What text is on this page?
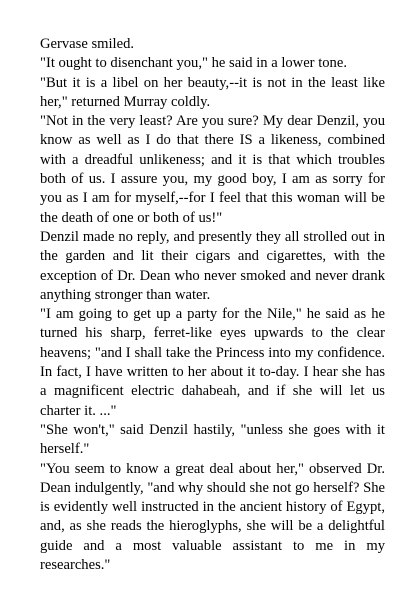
Gervase smiled.

"It ought to disenchant you," he said in a lower tone.

"But it is a libel on her beauty,--it is not in the least like her," returned Murray coldly.

"Not in the very least? Are you sure? My dear Denzil, you know as well as I do that there IS a likeness, combined with a dreadful unlikeness; and it is that which troubles both of us. I assure you, my good boy, I am as sorry for you as I am for myself,--for I feel that this woman will be the death of one or both of us!"

Denzil made no reply, and presently they all strolled out in the garden and lit their cigars and cigarettes, with the exception of Dr. Dean who never smoked and never drank anything stronger than water.

"I am going to get up a party for the Nile," he said as he turned his sharp, ferret-like eyes upwards to the clear heavens; "and I shall take the Princess into my confidence. In fact, I have written to her about it to-day. I hear she has a magnificent electric dahabeah, and if she will let us charter it. ..."

"She won't," said Denzil hastily, "unless she goes with it herself."

"You seem to know a great deal about her," observed Dr. Dean indulgently, "and why should she not go herself? She is evidently well instructed in the ancient history of Egypt, and, as she reads the hieroglyphs, she will be a delightful guide and a most valuable assistant to me in my researches."
